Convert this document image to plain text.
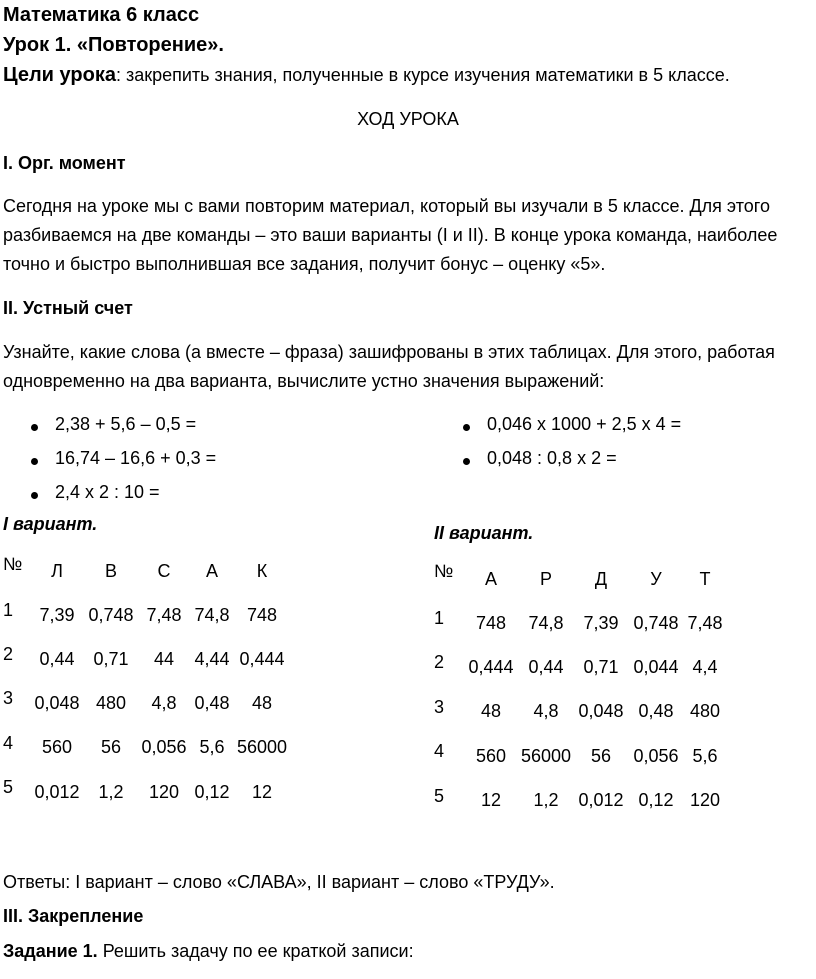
Математика 6 класс
Урок 1. «Повторение».
Цели урока: закрепить знания, полученные в курсе изучения математики в 5 классе.
ХОД УРОКА
I. Орг. момент
Сегодня на уроке мы с вами повторим материал, который вы изучали в 5 классе. Для этого разбиваемся на две команды – это ваши варианты (I и II). В конце урока команда, наиболее точно и быстро выполнившая все задания, получит бонус – оценку «5».
II. Устный счет
Узнайте, какие слова (а вместе – фраза) зашифрованы в этих таблицах. Для этого, работая одновременно на два варианта, вычислите устно значения выражений:
2,38 + 5,6 – 0,5 =
16,74 – 16,6 + 0,3 =
2,4 х 2 : 10 =
0,046 х 1000 + 2,5 х 4 =
0,048 : 0,8 х 2 =
I вариант.
№	Л	В	С	А	К
1	7,39 0,748 7,48 74,8 748
2	0,44	0,71	44	4,44 0,444
3	0,048 480	4,8 0,48	48
4	560	56	0,056 5,6 56000
5	0,012	1,2	120 0,12	12
II вариант.
№	А	Р	Д	У	Т
1	748	74,8	7,39 0,748 7,48
2	0,444 0,44	0,71 0,044 4,4
3	48	4,8	0,048 0,48 480
4	560 56000	56	0,056 5,6
5	12	1,2	0,012 0,12 120
Ответы: I вариант – слово «СЛАВА», II вариант – слово «ТРУДУ».
III. Закрепление
Задание 1. Решить задачу по ее краткой записи:
